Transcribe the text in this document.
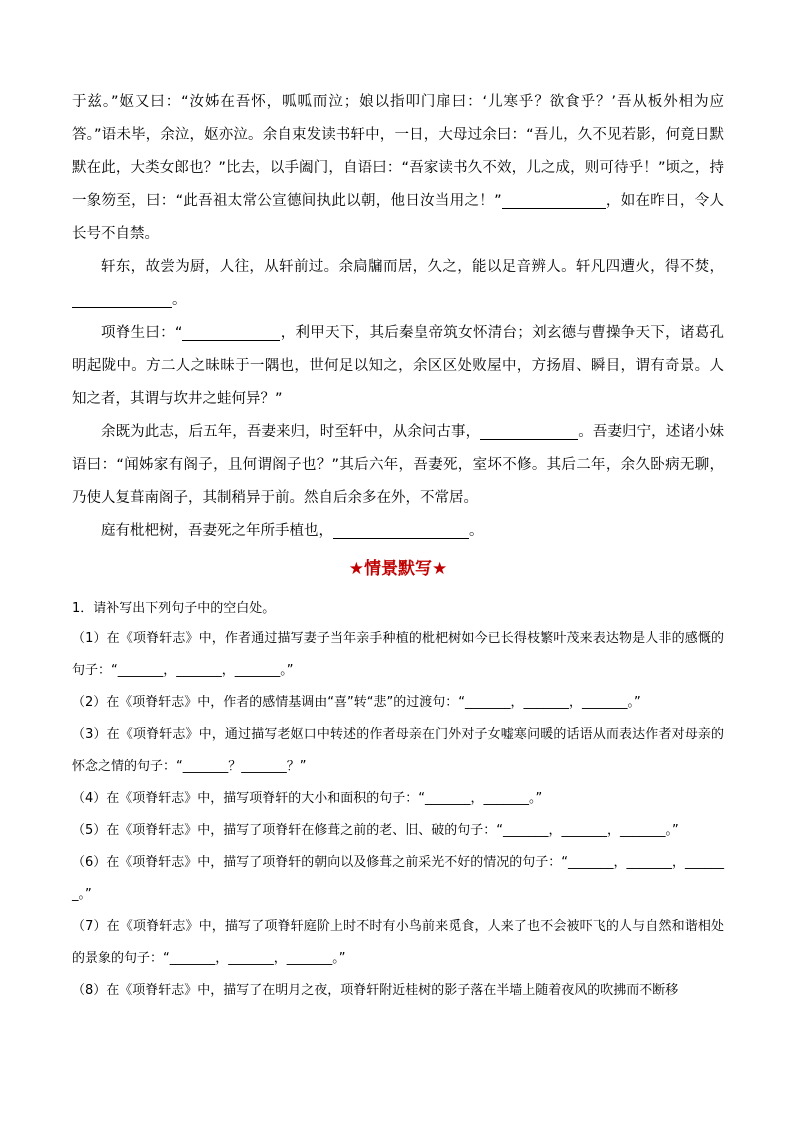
于兹。”妪又曰：“汝姊在吾怀，呱呱而泣；娘以指叩门扉曰：‘儿寒乎？欲食乎？’吾从板外相为应答。”语未毕，余泣，妪亦泣。余自束发读书轩中，一日，大母过余曰：“吾儿，久不见若影，何竟日默默在此，大类女郎也？”比去，以手阖门，自语曰：“吾家读书久不效，儿之成，则可待乎！”顷之，持一象笏至，曰：“此吾祖太常公宣德间执此以朝，他日汝当用之！”	，如在昨日，令人长号不自禁。

轩东，故尝为厨，人往，从轩前过。余扃牖而居，久之，能以足音辨人。轩凡四遭火，得不焚，。

项脊生曰：“	，利甲天下，其后秦皇帝筑女怀清台；刘玄德与曹操争天下，诸葛孔明起陇中。方二人之昧昧于一隅也，世何足以知之，余区区处败屋中，方扬眉、瞬目，谓有奇景。人知之者，其谓与坎井之蛙何异？”

余既为此志，后五年，吾妻来归，时至轩中，从余问古事，	。吾妻归宁，述诸小妹语曰：“闻姊家有阁子，且何谓阁子也？”其后六年，吾妻死，室坏不修。其后二年，余久卧病无聊，乃使人复葺南阁子，其制稍异于前。然自后余多在外，不常居。

庭有枇杷树，吾妻死之年所手植也，	。

★情景默写★

1．请补写出下列句子中的空白处。

（1）在《项脊轩志》中，作者通过描写妻子当年亲手种植的枇杷树如今已长得枝繁叶茂来表达物是人非的感慨的句子：“_______，_______，_______。”

（2）在《项脊轩志》中，作者的感情基调由“喜”转“悲”的过渡句：“_______，_______，_______。”

（3）在《项脊轩志》中，通过描写老妪口中转述的作者母亲在门外对子女嘘寒问暖的话语从而表达作者对母亲的怀念之情的句子：“_______？_______？”

（4）在《项脊轩志》中，描写项脊轩的大小和面积的句子：“_______，_______。”

（5）在《项脊轩志》中，描写了项脊轩在修葺之前的老、旧、破的句子：“_______，_______，_______。”

（6）在《项脊轩志》中，描写了项脊轩的朝向以及修葺之前采光不好的情况的句子：“_______，_______，_______。”

（7）在《项脊轩志》中，描写了项脊轩庭阶上时不时有小鸟前来觅食，人来了也不会被吓飞的人与自然和谐相处的景象的句子：“_______，_______，_______。”

（8）在《项脊轩志》中，描写了在明月之夜，项脊轩附近桂树的影子落在半墙上随着夜风的吹拂而不断移
